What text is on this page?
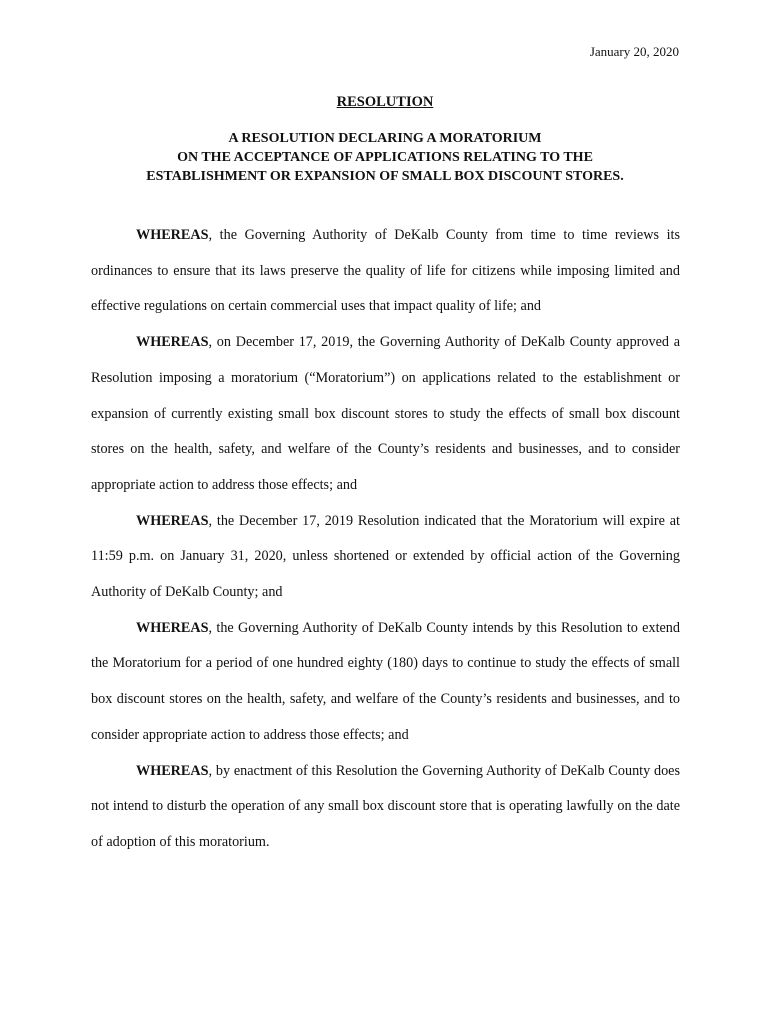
January 20, 2020
RESOLUTION
A RESOLUTION DECLARING A MORATORIUM
ON THE ACCEPTANCE OF APPLICATIONS RELATING TO THE
ESTABLISHMENT OR EXPANSION OF SMALL BOX DISCOUNT STORES.

WHEREAS, the Governing Authority of DeKalb County from time to time reviews its ordinances to ensure that its laws preserve the quality of life for citizens while imposing limited and effective regulations on certain commercial uses that impact quality of life; and

WHEREAS, on December 17, 2019, the Governing Authority of DeKalb County approved a Resolution imposing a moratorium (“Moratorium”) on applications related to the establishment or expansion of currently existing small box discount stores to study the effects of small box discount stores on the health, safety, and welfare of the County’s residents and businesses, and to consider appropriate action to address those effects; and

WHEREAS, the December 17, 2019 Resolution indicated that the Moratorium will expire at 11:59 p.m. on January 31, 2020, unless shortened or extended by official action of the Governing Authority of DeKalb County; and

WHEREAS, the Governing Authority of DeKalb County intends by this Resolution to extend the Moratorium for a period of one hundred eighty (180) days to continue to study the effects of small box discount stores on the health, safety, and welfare of the County’s residents and businesses, and to consider appropriate action to address those effects; and

WHEREAS, by enactment of this Resolution the Governing Authority of DeKalb County does not intend to disturb the operation of any small box discount store that is operating lawfully on the date of adoption of this moratorium.
